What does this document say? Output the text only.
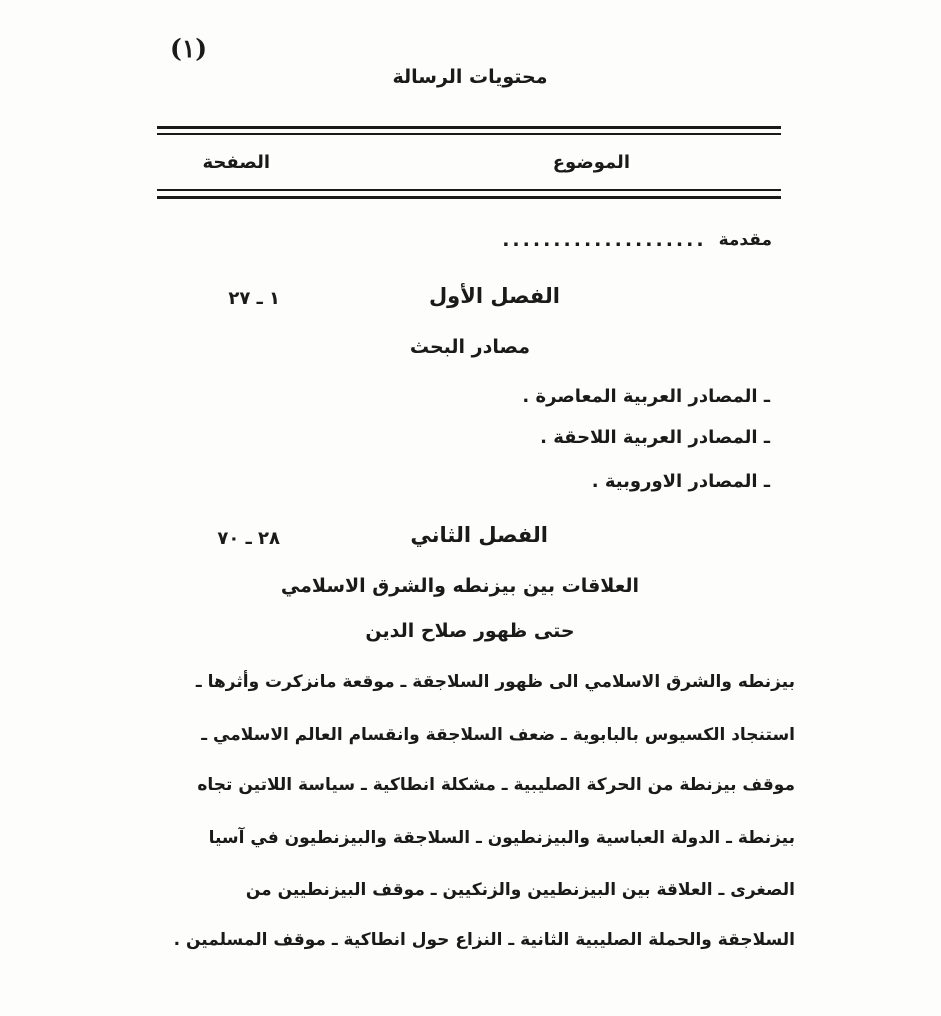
(١)
محتويات الرسالة
الموضوع
الصفحة
مقدمة
....................
الفصل الأول
١ ـ ٢٧
مصادر البحث
ـ المصادر العربية المعاصرة .
ـ المصادر العربية اللاحقة .
ـ المصادر الاوروبية .
الفصل الثاني
٢٨ ـ ٧٠
العلاقات بين بيزنطه والشرق الاسلامي
حتى ظهور صلاح الدين
بيزنطه والشرق الاسلامي الى ظهور السلاجقة ـ موقعة مانزكرت وأثرها ـ
استنجاد الكسيوس بالبابوية ـ ضعف السلاجقة وانقسام العالم الاسلامي ـ
موقف بيزنطة من الحركة الصليبية ـ مشكلة انطاكية ـ سياسة اللاتين تجاه
بيزنطة ـ الدولة العباسية والبيزنطيون ـ السلاجقة والبيزنطيون في آسيا
الصغرى ـ العلاقة بين البيزنطيين والزنكيين ـ موقف البيزنطيين من
السلاجقة والحملة الصليبية الثانية ـ النزاع حول انطاكية ـ موقف المسلمين .
